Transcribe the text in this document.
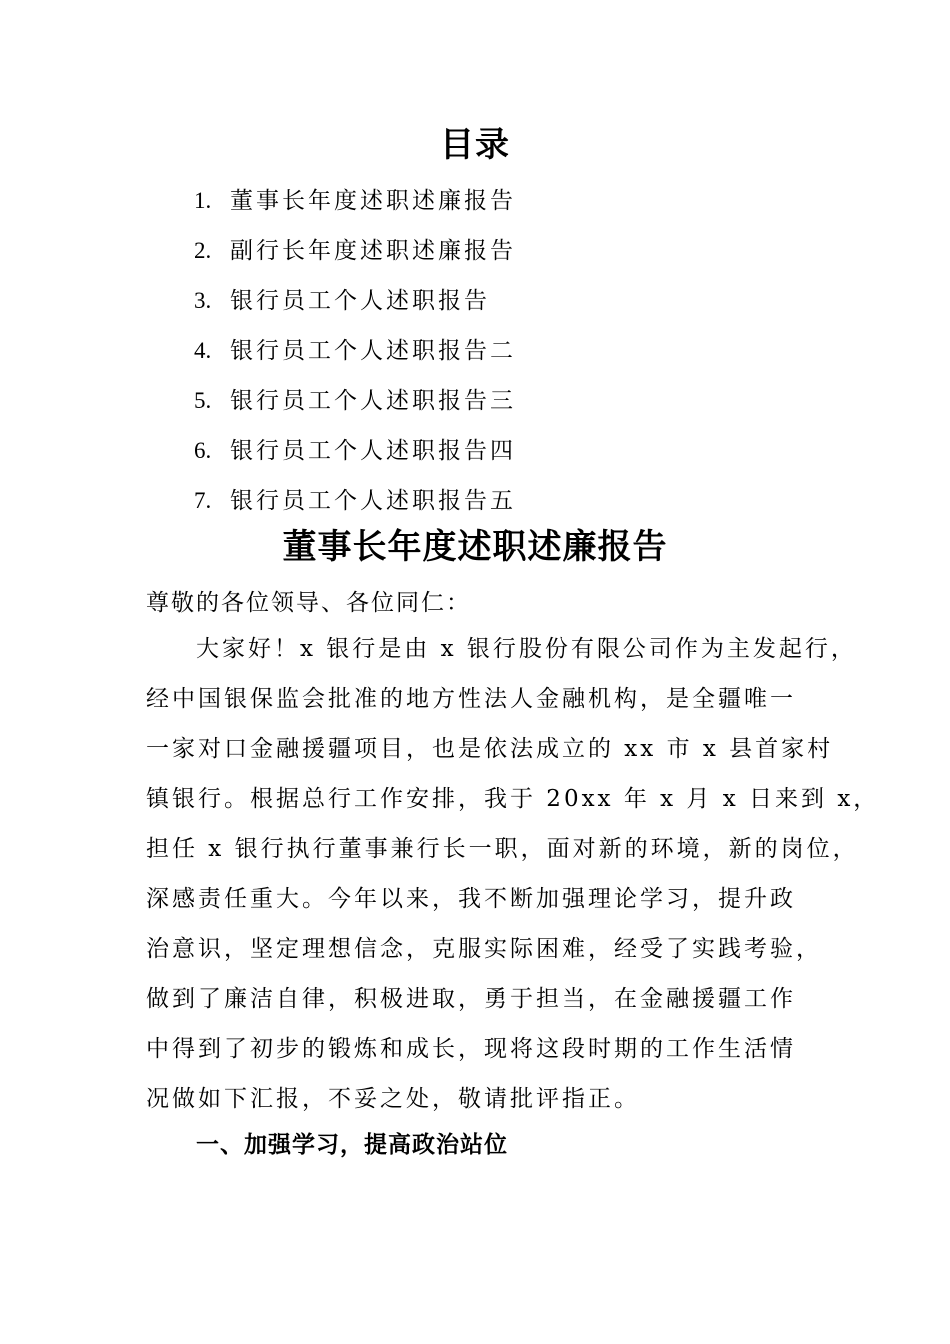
目录
1. 董事长年度述职述廉报告
2. 副行长年度述职述廉报告
3. 银行员工个人述职报告
4. 银行员工个人述职报告二
5. 银行员工个人述职报告三
6. 银行员工个人述职报告四
7. 银行员工个人述职报告五
董事长年度述职述廉报告
尊敬的各位领导、各位同仁：
大家好！x 银行是由 x 银行股份有限公司作为主发起行，
经中国银保监会批准的地方性法人金融机构，是全疆唯一
一家对口金融援疆项目，也是依法成立的 xx 市 x 县首家村
镇银行。根据总行工作安排，我于 20xx 年 x 月 x 日来到 x，
担任 x 银行执行董事兼行长一职，面对新的环境，新的岗位，
深感责任重大。今年以来，我不断加强理论学习，提升政
治意识，坚定理想信念，克服实际困难，经受了实践考验，
做到了廉洁自律，积极进取，勇于担当，在金融援疆工作
中得到了初步的锻炼和成长，现将这段时期的工作生活情
况做如下汇报，不妥之处，敬请批评指正。
一、加强学习，提高政治站位
